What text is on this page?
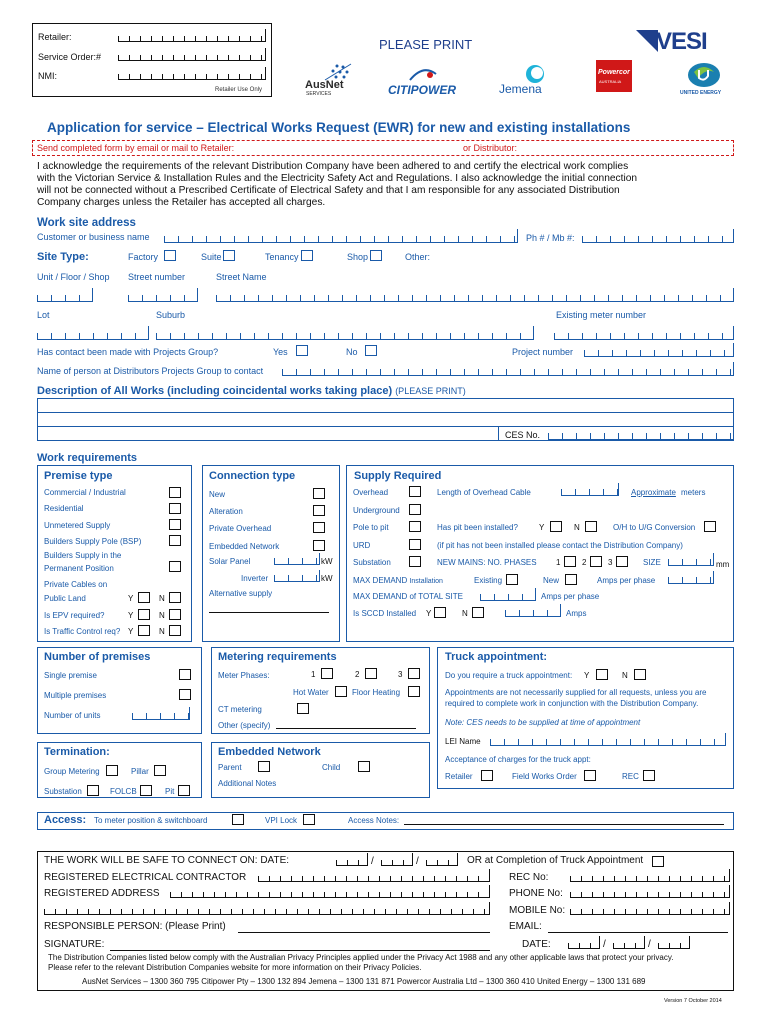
Retailer:
Service Order:#
NMI:
Retailer Use Only
PLEASE PRINT
AusNet
SERVICES	CITIPOWER	Jemena
Powercor
AUSTRALIA
VESI
UNITED ENERGY
Application for service – Electrical Works Request (EWR) for new and existing installations
Send completed form by email or mail to Retailer:	or Distributor:
I acknowledge the requirements of the relevant Distribution Company have been adhered to and certify the electrical work complies
with the Victorian Service & Installation Rules and the Electricity Safety Act and Regulations. I also acknowledge the initial connection
will not be connected without a Prescribed Certificate of Electrical Safety and that I am responsible for any associated Distribution
Company charges unless the Retailer has accepted all charges.
Work site address
Customer or business name	Ph # / Mb #:
Site Type:	Factory	Suite	Tenancy	Shop	Other:
Unit / Floor / Shop Street number	Street Name
Lot	Suburb	Existing meter number
Has contact been made with Projects Group?	Yes	No	Project number
Name of person at Distributors Projects Group to contact
Description of All Works (including coincidental works taking place) (PLEASE PRINT)
CES No.
Work requirements
Premise type
Commercial / Industrial
Residential
Unmetered Supply
Builders Supply Pole (BSP)
Builders Supply in the
Permanent Position
Private Cables on
Public Land	Y	N
Is EPV required?	Y	N
Is Traffic Control req? Y	N
Connection type
New
Alteration
Private Overhead
Embedded Network
Solar Panel	kW
Inverter	kW
Alternative supply
Supply Required
Overhead	Length of Overhead Cable	Approximate meters
Underground
Pole to pit	Has pit been installed?	Y	N	O/H to U/G Conversion
URD	(if pit has not been installed please contact the Distribution Company)
Substation	NEW MAINS: NO. PHASES 1	2	3	SIZE	mm
MAX DEMAND Installation	Existing	New	Amps per phase
MAX DEMAND of TOTAL SITE	Amps per phase
Is SCCD Installed Y	N	Amps
Number of premises
Single premise
Multiple premises
Number of units
Metering requirements
Meter Phases:	1	2	3
Hot Water	Floor Heating
CT metering
Other (specify)
Truck appointment:
Do you require a truck appointment: Y	N
Appointments are not necessarily supplied for all requests, unless you are
required to complete work in conjunction with the Distribution Company.
Note: CES needs to be supplied at time of appointment
LEI Name
Acceptance of charges for the truck appt:
Retailer	Field Works Order	REC
Termination:
Group Metering	Pillar
Substation	FOLCB	Pit
Embedded Network
Parent	Child
Additional Notes
Access: To meter position & switchboard	VPI Lock	Access Notes:
THE WORK WILL BE SAFE TO CONNECT ON: DATE:	/	/	OR at Completion of Truck Appointment
REGISTERED ELECTRICAL CONTRACTOR	REC No:
REGISTERED ADDRESS	PHONE No:
MOBILE No:
RESPONSIBLE PERSON: (Please Print)	EMAIL:
SIGNATURE:	DATE:	/	/
The Distribution Companies listed below comply with the Australian Privacy Principles applied under the Privacy Act 1988 and any other applicable laws that protect your privacy.
Please refer to the relevant Distribution Companies website for more information on their Privacy Policies.
AusNet Services – 1300 360 795 Citipower Pty – 1300 132 894 Jemena – 1300 131 871 Powercor Australia Ltd – 1300 360 410 United Energy – 1300 131 689
Version 7 October 2014
